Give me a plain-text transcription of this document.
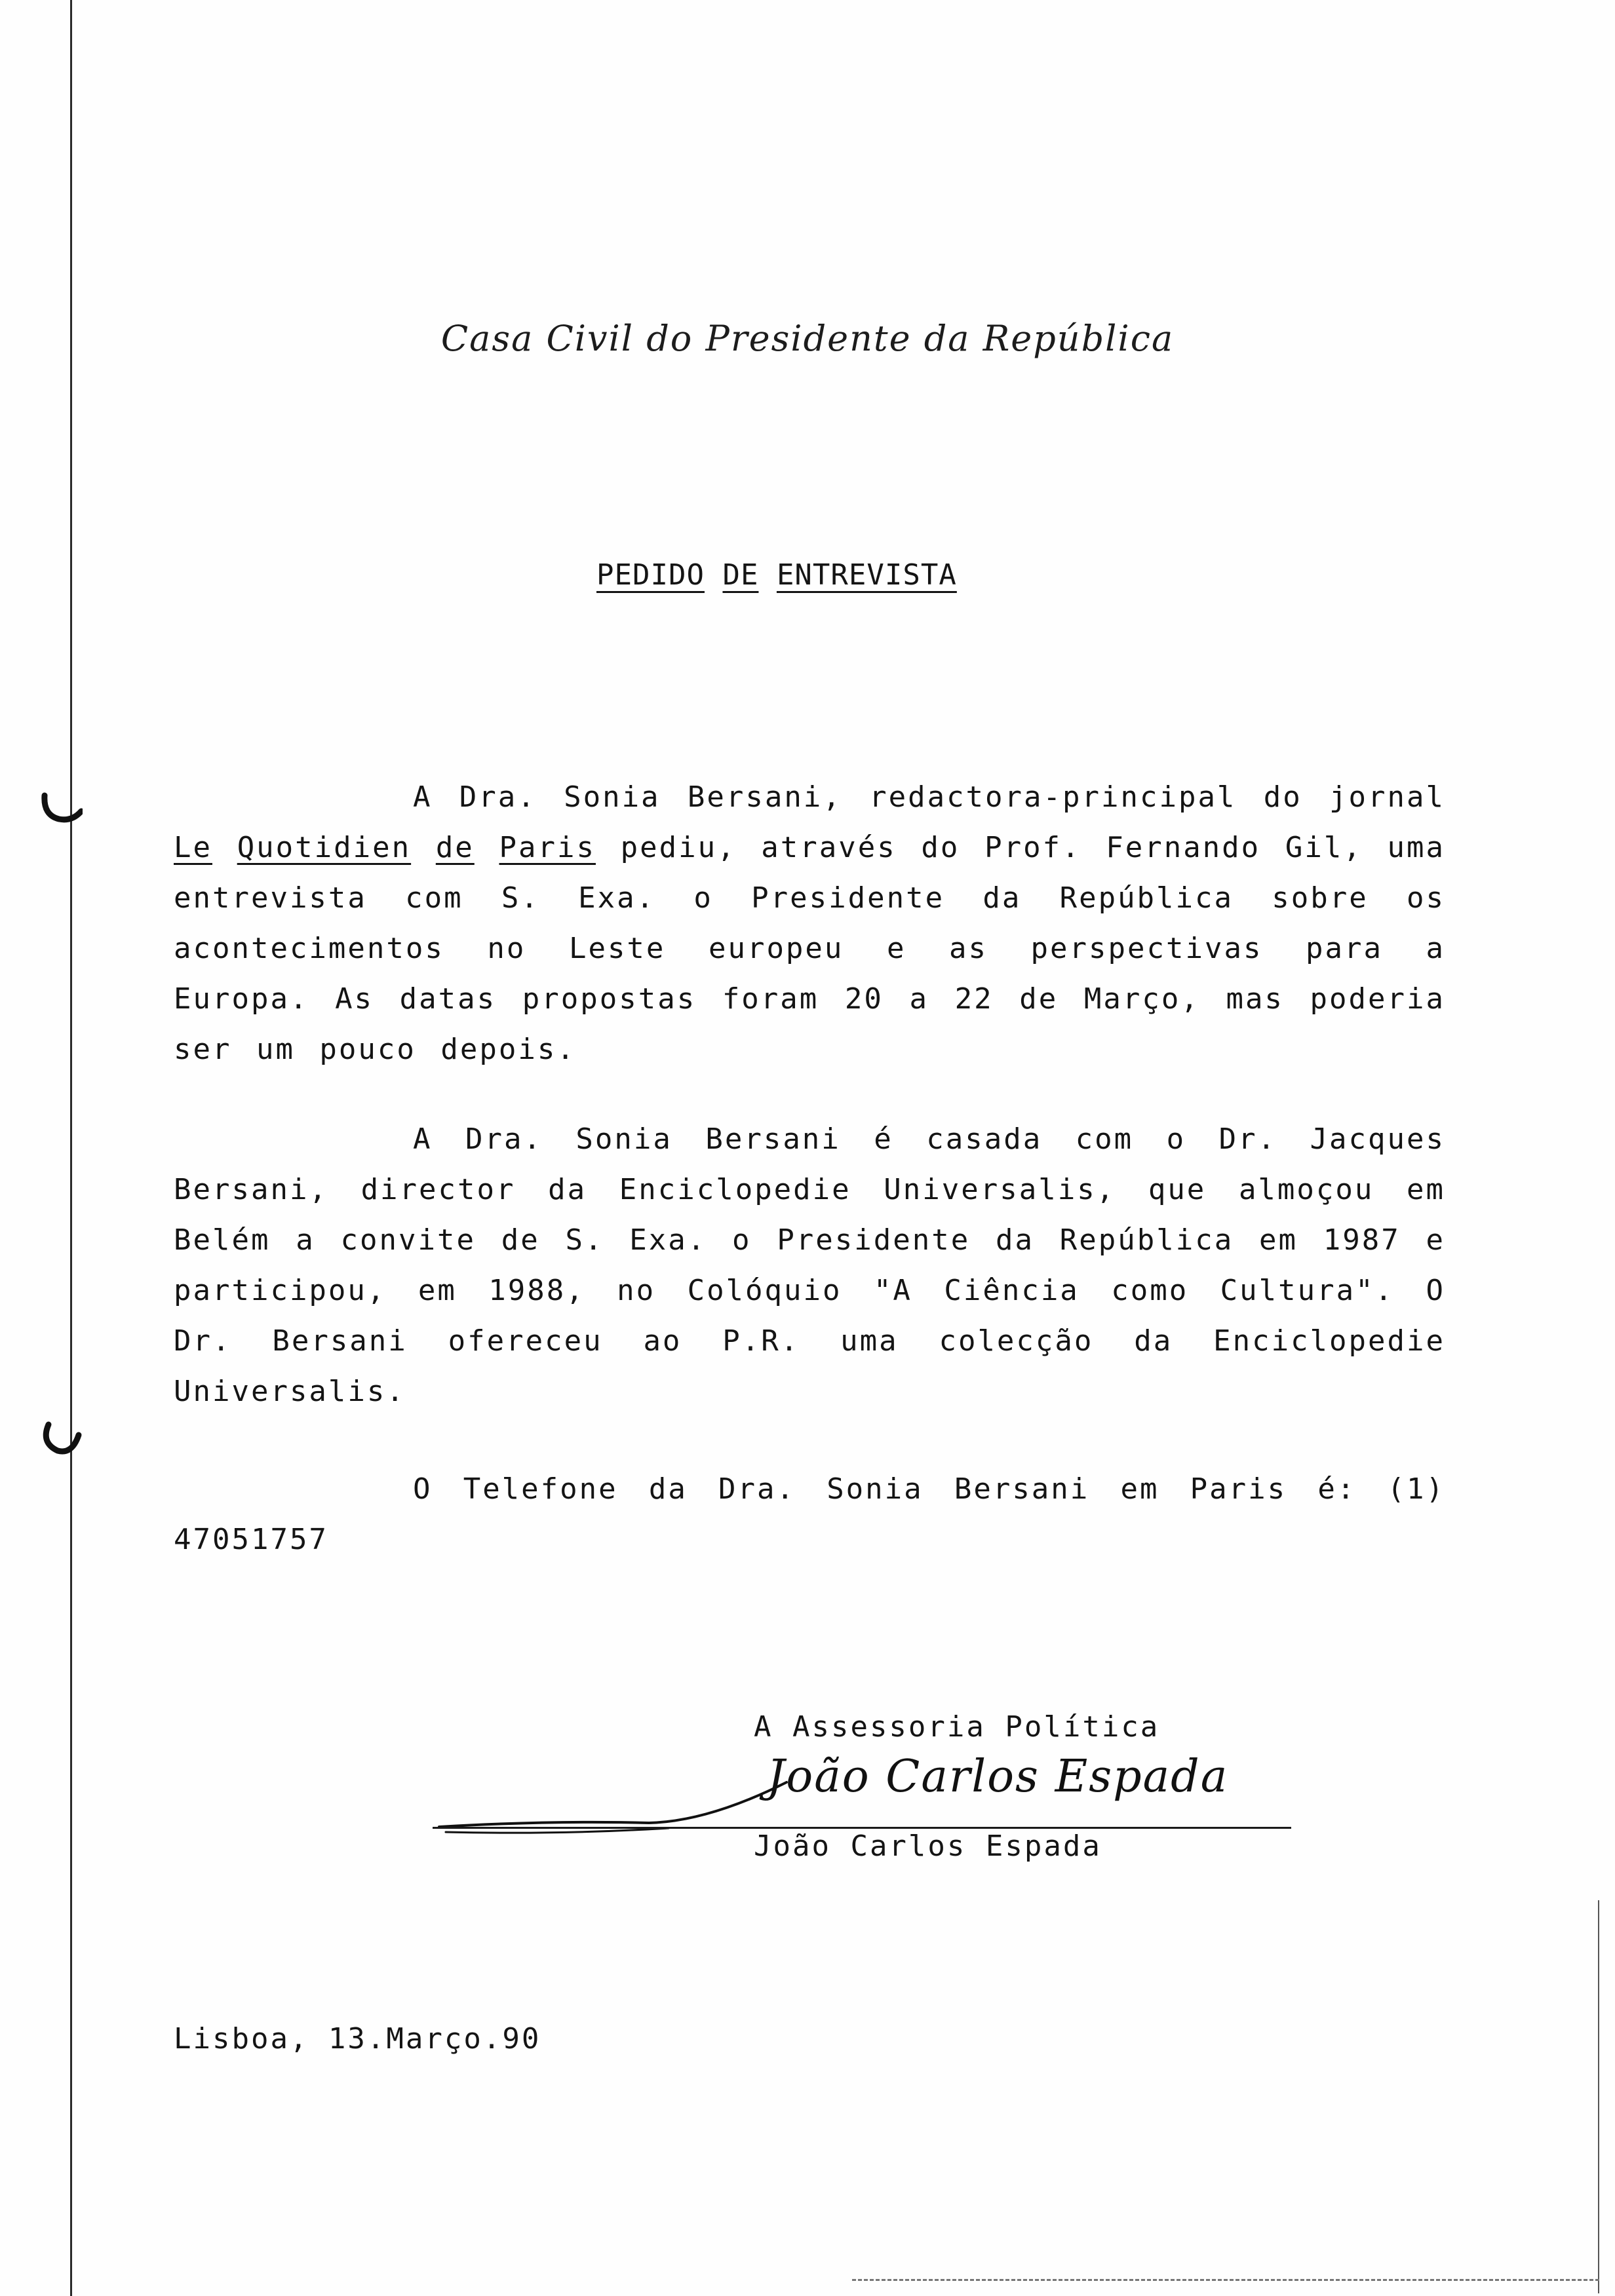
Casa Civil do Presidente da República
PEDIDO DE ENTREVISTA
A Dra. Sonia Bersani, redactora-principal do jornal Le Quotidien de Paris pediu, através do Prof. Fernando Gil, uma entrevista com S. Exa. o Presidente da República sobre os acontecimentos no Leste europeu e as perspectivas para a Europa. As datas propostas foram 20 a 22 de Março, mas poderia ser um pouco depois.
A Dra. Sonia Bersani é casada com o Dr. Jacques Bersani, director da Enciclopedie Universalis, que almoçou em Belém a convite de S. Exa. o Presidente da República em 1987 e participou, em 1988, no Colóquio "A Ciência como Cultura". O Dr. Bersani ofereceu ao P.R. uma colecção da Enciclopedie Universalis.
O Telefone da Dra. Sonia Bersani em Paris é: (1) 47051757
A Assessoria Política
João Carlos Espada
João Carlos Espada
Lisboa, 13.Março.90
